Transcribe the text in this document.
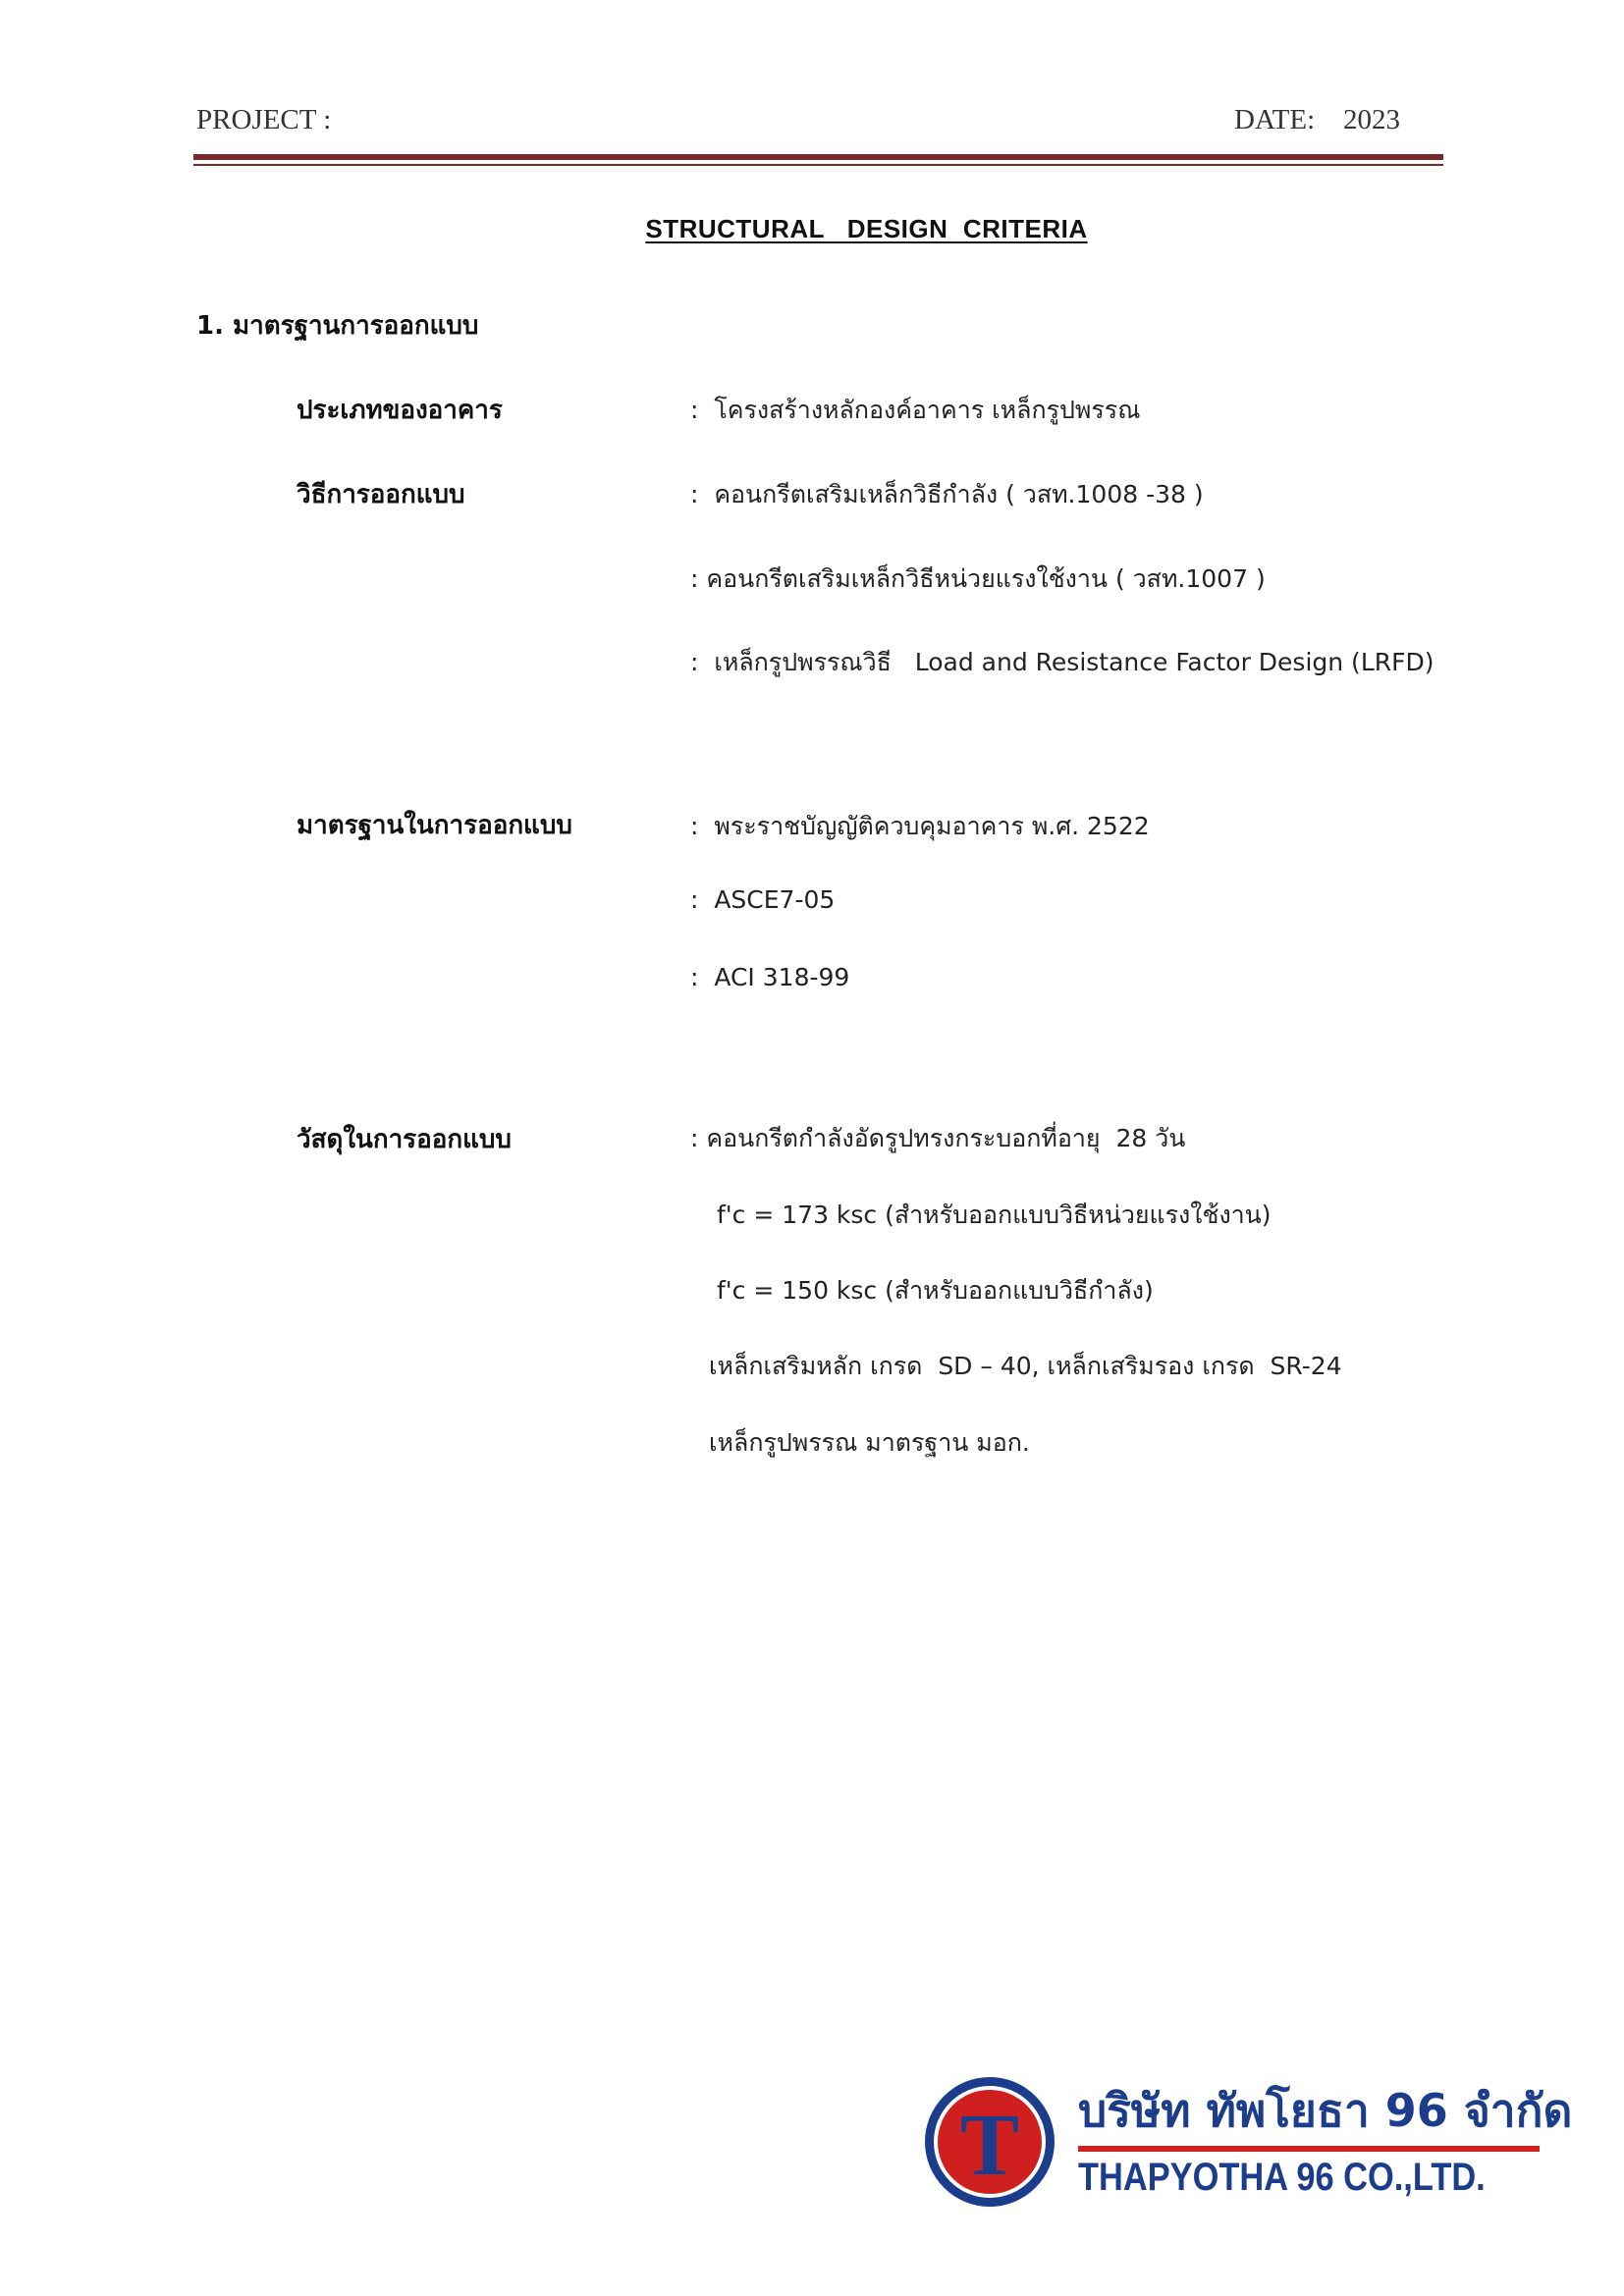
PROJECT :	DATE: 2023
STRUCTURAL   DESIGN  CRITERIA
1. มาตรฐานการออกแบบ
ประเภทของอาคาร	:  โครงสร้างหลักองค์อาคาร เหล็กรูปพรรณ
วิธีการออกแบบ	:  คอนกรีตเสริมเหล็กวิธีกำลัง ( วสท.1008 -38 )
: คอนกรีตเสริมเหล็กวิธีหน่วยแรงใช้งาน ( วสท.1007 )
:  เหล็กรูปพรรณวิธี   Load and Resistance Factor Design (LRFD)
มาตรฐานในการออกแบบ	:  พระราชบัญญัติควบคุมอาคาร พ.ศ. 2522
:  ASCE7-05
:  ACI 318-99
วัสดุในการออกแบบ	: คอนกรีตกำลังอัดรูปทรงกระบอกที่อายุ  28 วัน
f'c = 173 ksc (สำหรับออกแบบวิธีหน่วยแรงใช้งาน)
f'c = 150 ksc (สำหรับออกแบบวิธีกำลัง)
เหล็กเสริมหลัก เกรด  SD – 40, เหล็กเสริมรอง เกรด  SR-24
เหล็กรูปพรรณ มาตรฐาน มอก.
T บริษัท ทัพโยธา 96 จำกัด
THAPYOTHA 96 CO.,LTD.
